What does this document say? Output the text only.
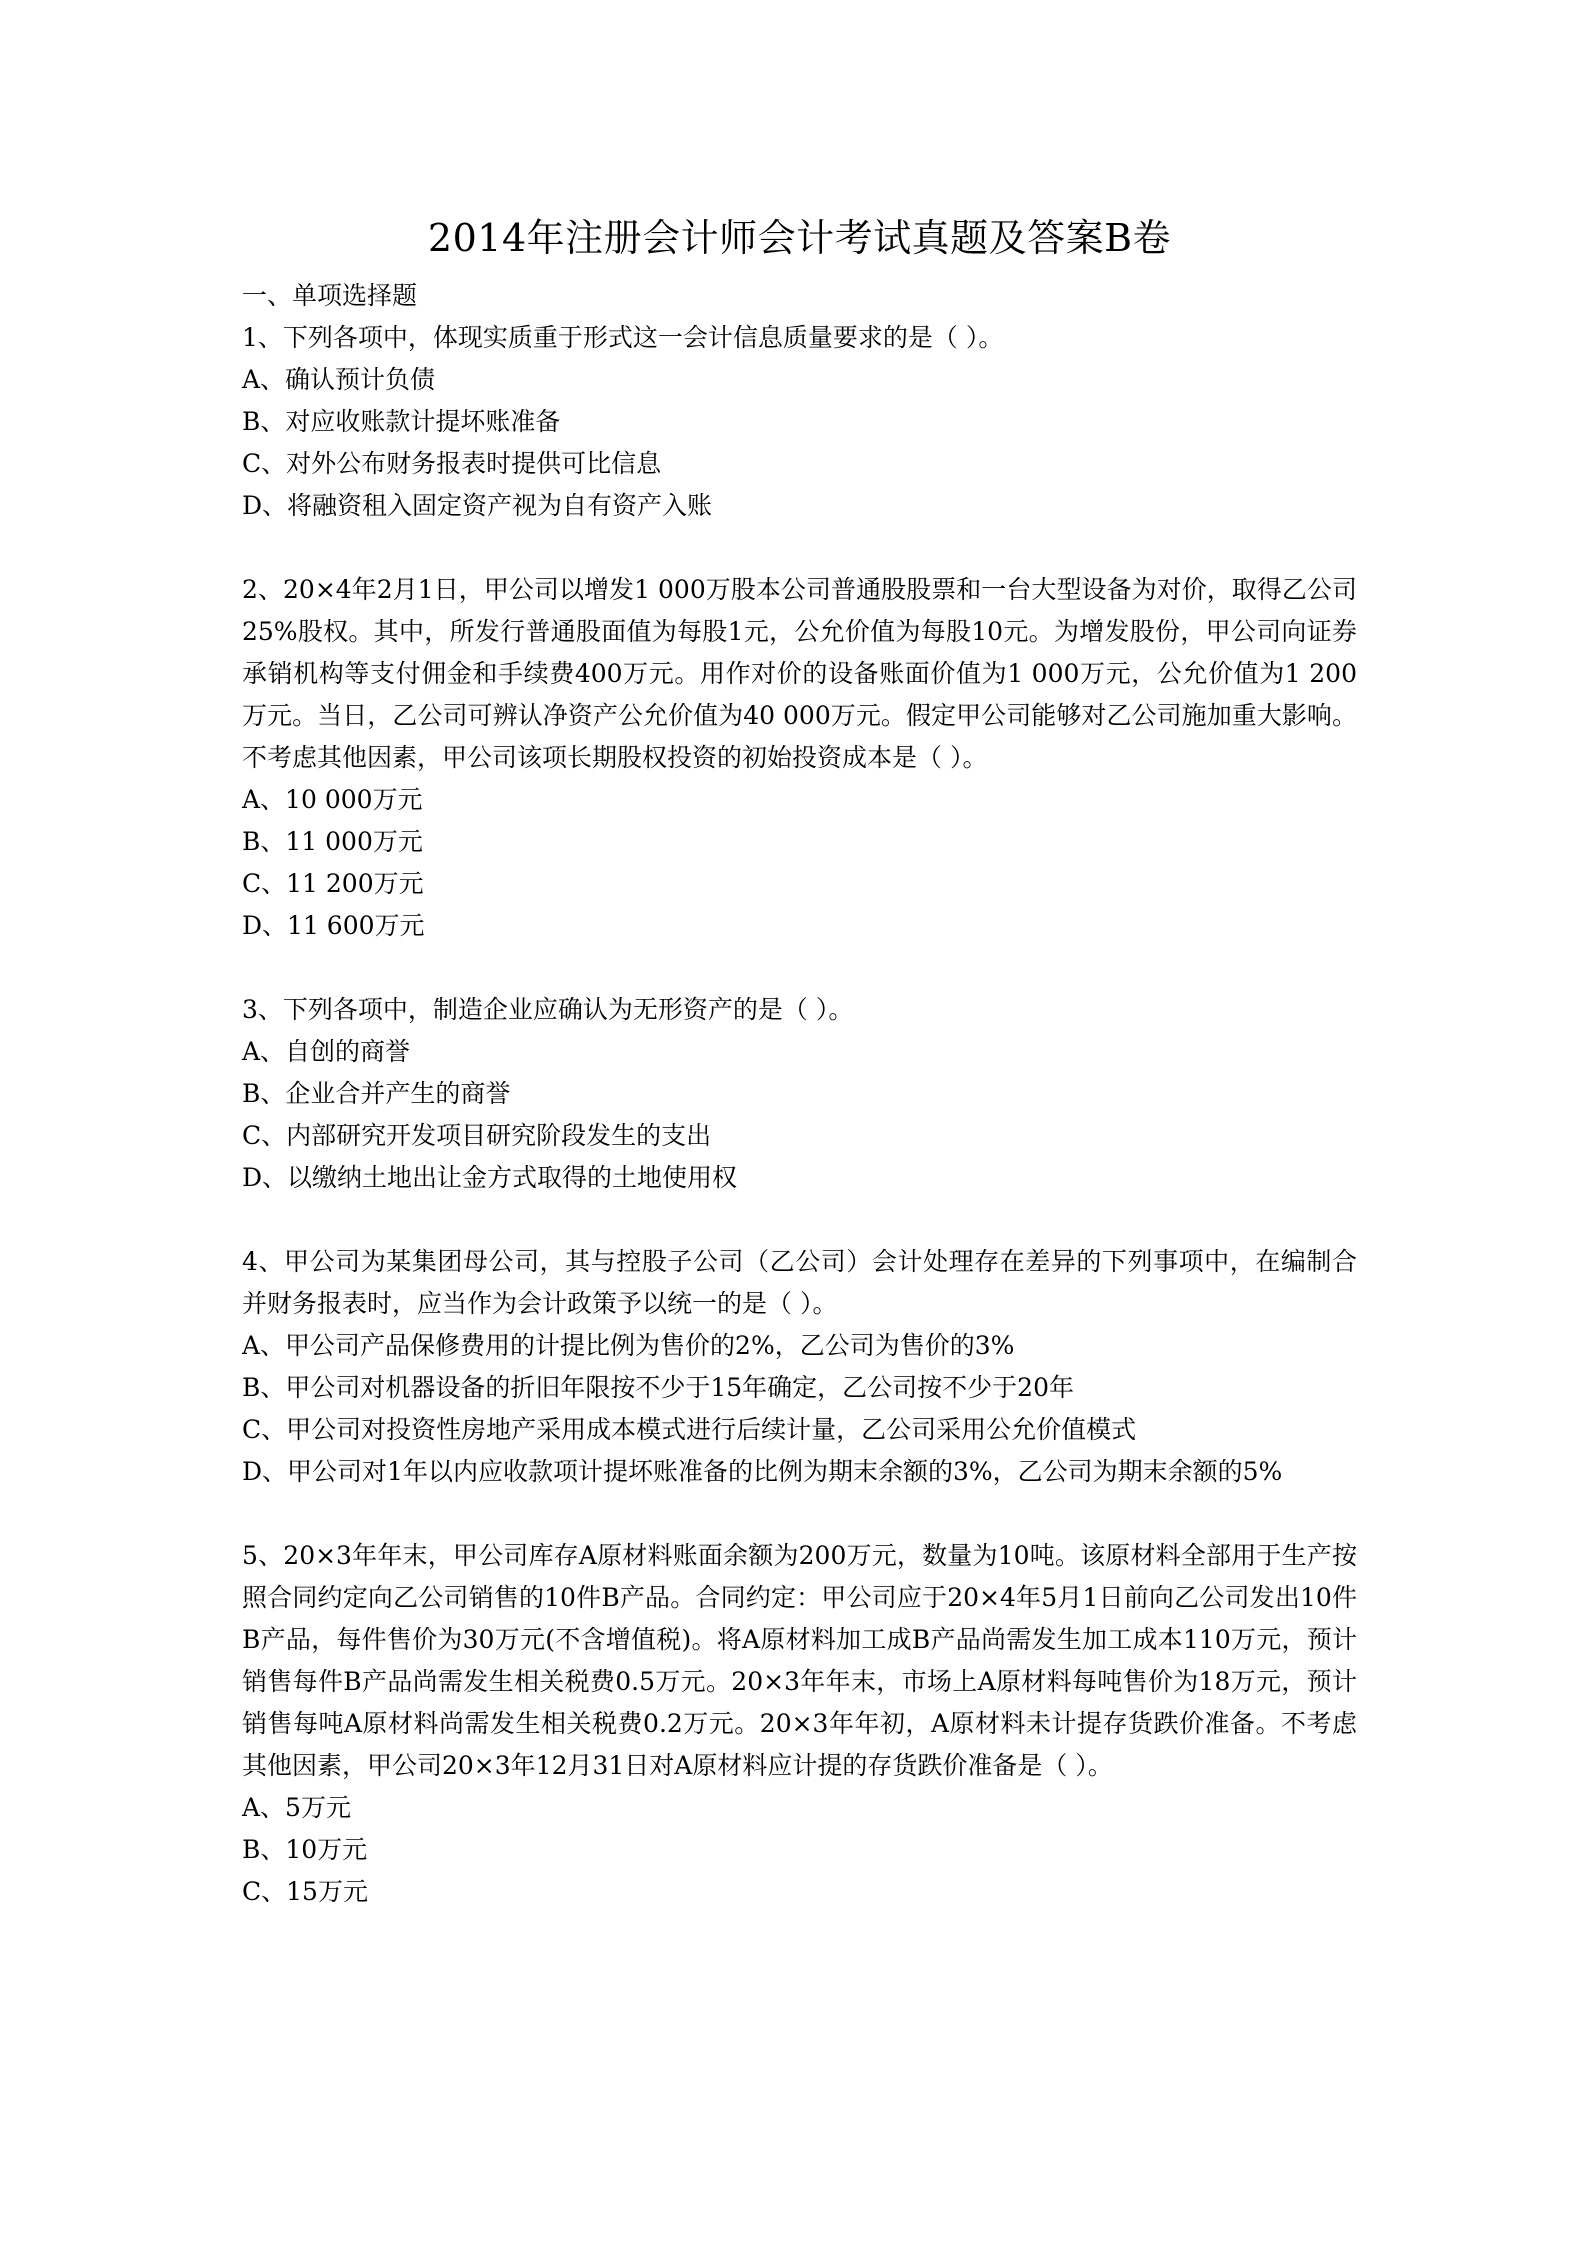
2014年注册会计师会计考试真题及答案B卷

一、单项选择题

1、下列各项中，体现实质重于形式这一会计信息质量要求的是（ ）。

A、确认预计负债

B、对应收账款计提坏账准备

C、对外公布财务报表时提供可比信息

D、将融资租入固定资产视为自有资产入账

2、20×4年2月1日，甲公司以增发1 000万股本公司普通股股票和一台大型设备为对价，取得乙公司25%股权。其中，所发行普通股面值为每股1元，公允价值为每股10元。为增发股份，甲公司向证券承销机构等支付佣金和手续费400万元。用作对价的设备账面价值为1 000万元，公允价值为1 200万元。当日，乙公司可辨认净资产公允价值为40 000万元。假定甲公司能够对乙公司施加重大影响。不考虑其他因素，甲公司该项长期股权投资的初始投资成本是（ ）。

A、10 000万元

B、11 000万元

C、11 200万元

D、11 600万元

3、下列各项中，制造企业应确认为无形资产的是（ ）。

A、自创的商誉

B、企业合并产生的商誉

C、内部研究开发项目研究阶段发生的支出

D、以缴纳土地出让金方式取得的土地使用权

4、甲公司为某集团母公司，其与控股子公司（乙公司）会计处理存在差异的下列事项中，在编制合并财务报表时，应当作为会计政策予以统一的是（ ）。

A、甲公司产品保修费用的计提比例为售价的2%，乙公司为售价的3%

B、甲公司对机器设备的折旧年限按不少于15年确定，乙公司按不少于20年

C、甲公司对投资性房地产采用成本模式进行后续计量，乙公司采用公允价值模式

D、甲公司对1年以内应收款项计提坏账准备的比例为期末余额的3%，乙公司为期末余额的5%

5、20×3年年末，甲公司库存A原材料账面余额为200万元，数量为10吨。该原材料全部用于生产按照合同约定向乙公司销售的10件B产品。合同约定：甲公司应于20×4年5月1日前向乙公司发出10件B产品，每件售价为30万元(不含增值税)。将A原材料加工成B产品尚需发生加工成本110万元，预计销售每件B产品尚需发生相关税费0.5万元。20×3年年末，市场上A原材料每吨售价为18万元，预计销售每吨A原材料尚需发生相关税费0.2万元。20×3年年初，A原材料未计提存货跌价准备。不考虑其他因素，甲公司20×3年12月31日对A原材料应计提的存货跌价准备是（ ）。

A、5万元

B、10万元

C、15万元
